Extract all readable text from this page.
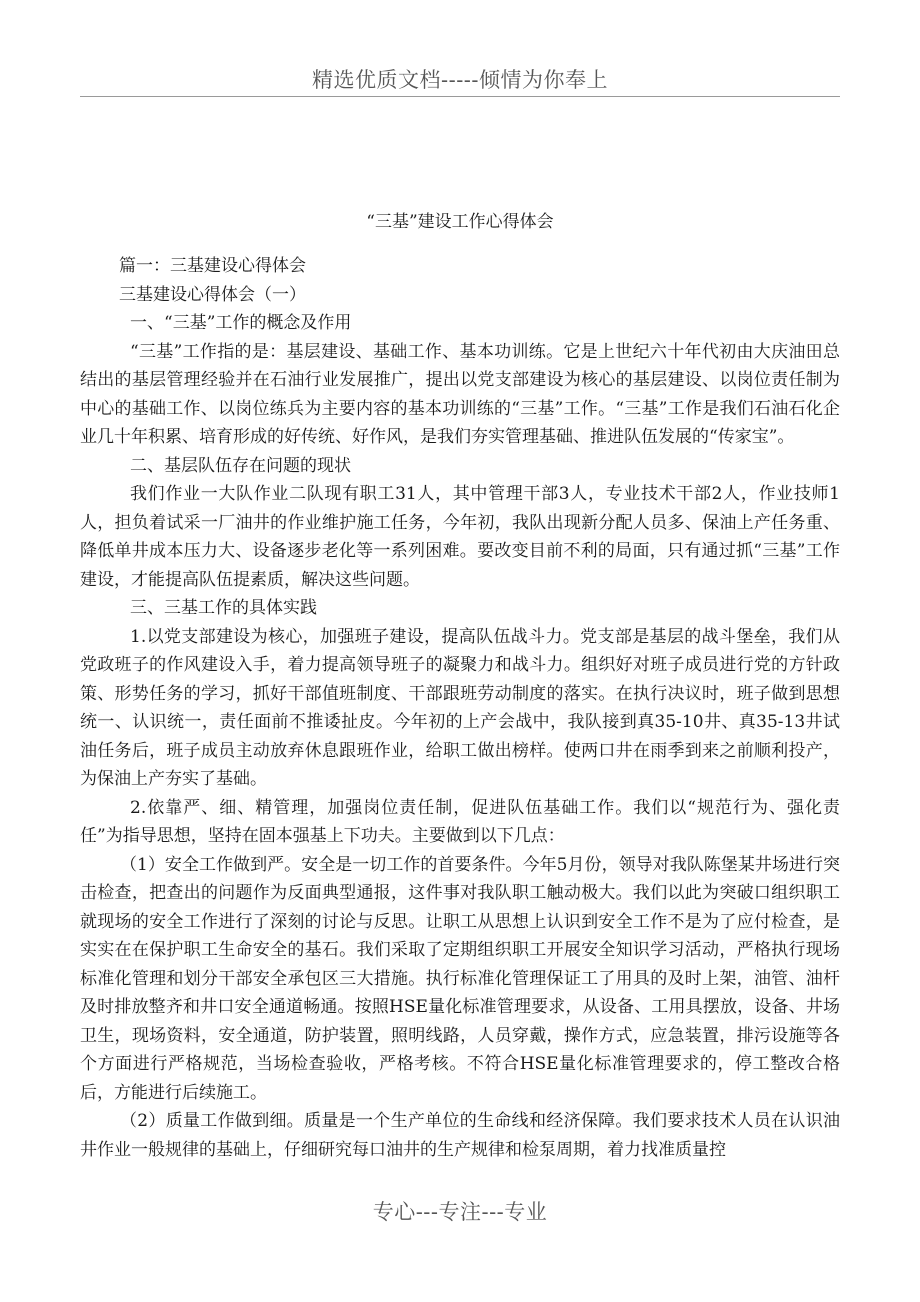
精选优质文档-----倾情为你奉上
“三基”建设工作心得体会

篇一：三基建设心得体会

三基建设心得体会（一）

一、“三基”工作的概念及作用

“三基”工作指的是：基层建设、基础工作、基本功训练。它是上世纪六十年代初由大庆油田总结出的基层管理经验并在石油行业发展推广，提出以党支部建设为核心的基层建设、以岗位责任制为中心的基础工作、以岗位练兵为主要内容的基本功训练的“三基”工作。“三基”工作是我们石油石化企业几十年积累、培育形成的好传统、好作风，是我们夯实管理基础、推进队伍发展的“传家宝”。

二、基层队伍存在问题的现状

我们作业一大队作业二队现有职工31人，其中管理干部3人，专业技术干部2人，作业技师1人，担负着试采一厂油井的作业维护施工任务，今年初，我队出现新分配人员多、保油上产任务重、降低单井成本压力大、设备逐步老化等一系列困难。要改变目前不利的局面，只有通过抓“三基”工作建设，才能提高队伍提素质，解决这些问题。

三、三基工作的具体实践

1.以党支部建设为核心，加强班子建设，提高队伍战斗力。党支部是基层的战斗堡垒，我们从党政班子的作风建设入手，着力提高领导班子的凝聚力和战斗力。组织好对班子成员进行党的方针政策、形势任务的学习，抓好干部值班制度、干部跟班劳动制度的落实。在执行决议时，班子做到思想统一、认识统一，责任面前不推诿扯皮。今年初的上产会战中，我队接到真35-10井、真35-13井试油任务后，班子成员主动放弃休息跟班作业，给职工做出榜样。使两口井在雨季到来之前顺利投产，为保油上产夯实了基础。

2.依靠严、细、精管理，加强岗位责任制，促进队伍基础工作。我们以“规范行为、强化责任”为指导思想，坚持在固本强基上下功夫。主要做到以下几点：

（1）安全工作做到严。安全是一切工作的首要条件。今年5月份，领导对我队陈堡某井场进行突击检查，把查出的问题作为反面典型通报，这件事对我队职工触动极大。我们以此为突破口组织职工就现场的安全工作进行了深刻的讨论与反思。让职工从思想上认识到安全工作不是为了应付检查，是实实在在保护职工生命安全的基石。我们采取了定期组织职工开展安全知识学习活动，严格执行现场标准化管理和划分干部安全承包区三大措施。执行标准化管理保证工了用具的及时上架，油管、油杆及时排放整齐和井口安全通道畅通。按照HSE量化标准管理要求，从设备、工用具摆放，设备、井场卫生，现场资料，安全通道，防护装置，照明线路，人员穿戴，操作方式，应急装置，排污设施等各个方面进行严格规范，当场检查验收，严格考核。不符合HSE量化标准管理要求的，停工整改合格后，方能进行后续施工。

（2）质量工作做到细。质量是一个生产单位的生命线和经济保障。我们要求技术人员在认识油井作业一般规律的基础上，仔细研究每口油井的生产规律和检泵周期，着力找准质量控

专心---专注---专业
